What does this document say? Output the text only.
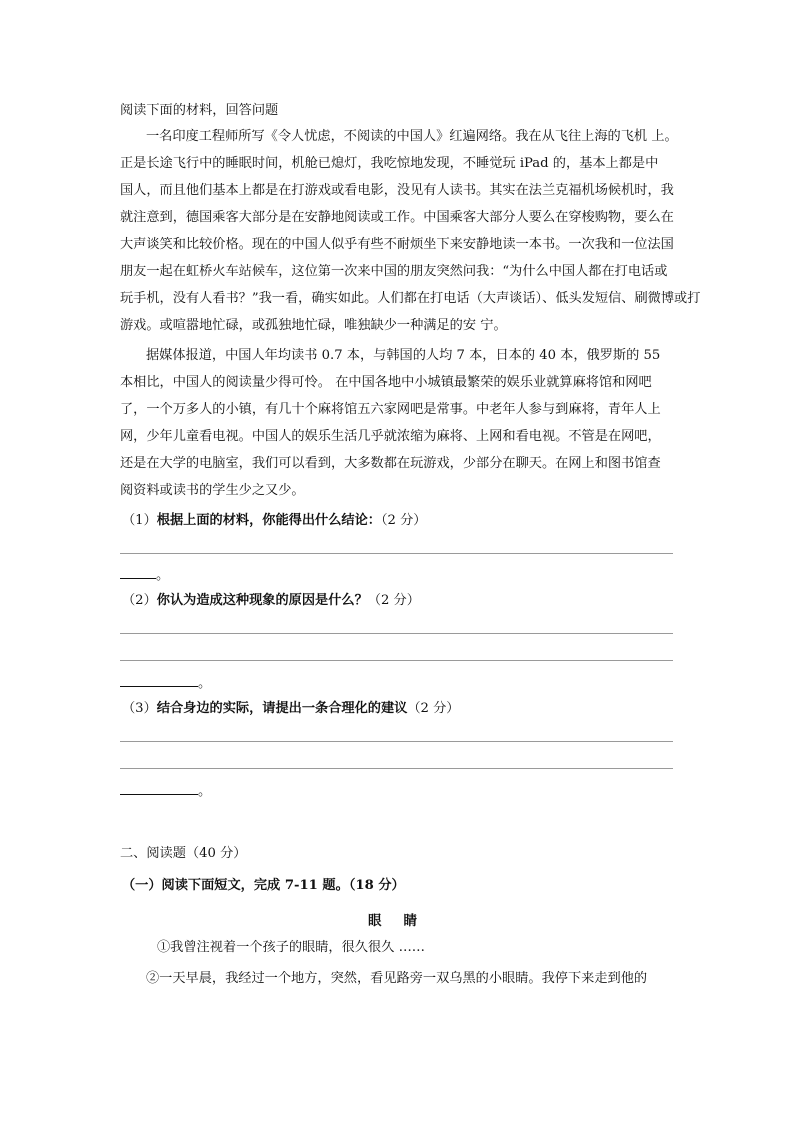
阅读下面的材料，回答问题
一名印度工程师所写《令人忧虑，不阅读的中国人》红遍网络。我在从飞往上海的飞机 上。
正是长途飞行中的睡眠时间，机舱已熄灯，我吃惊地发现，不睡觉玩 iPad 的，基本上都是中
国人，而且他们基本上都是在打游戏或看电影，没见有人读书。其实在法兰克福机场候机时，我
就注意到，德国乘客大部分是在安静地阅读或工作。中国乘客大部分人要么在穿梭购物，要么在
大声谈笑和比较价格。现在的中国人似乎有些不耐烦坐下来安静地读一本书。一次我和一位法国
朋友一起在虹桥火车站候车，这位第一次来中国的朋友突然问我：“为什么中国人都在打电话或
玩手机，没有人看书？”我一看，确实如此。人们都在打电话（大声谈话）、低头发短信、刷微博或打
游戏。或喧嚣地忙碌，或孤独地忙碌，唯独缺少一种满足的安 宁。
据媒体报道，中国人年均读书 0.7 本，与韩国的人均 7 本，日本的 40 本，俄罗斯的 55
本相比，中国人的阅读量少得可怜。 在中国各地中小城镇最繁荣的娱乐业就算麻将馆和网吧
了，一个万多人的小镇，有几十个麻将馆五六家网吧是常事。中老年人参与到麻将，青年人上
网，少年儿童看电视。中国人的娱乐生活几乎就浓缩为麻将、上网和看电视。不管是在网吧，
还是在大学的电脑室，我们可以看到，大多数都在玩游戏，少部分在聊天。在网上和图书馆查
阅资料或读书的学生少之又少。
（1）根据上面的材料，你能得出什么结论：（2 分）
。
（2）你认为造成这种现象的原因是什么？（2 分）
。
（3）结合身边的实际，请提出一条合理化的建议（2 分）
。
二、阅读题（40 分）
（一）阅读下面短文，完成 7-11 题。（18 分）
眼睛
①我曾注视着一个孩子的眼睛，很久很久 ……
②一天早晨，我经过一个地方，突然，看见路旁一双乌黑的小眼睛。我停下来走到他的
